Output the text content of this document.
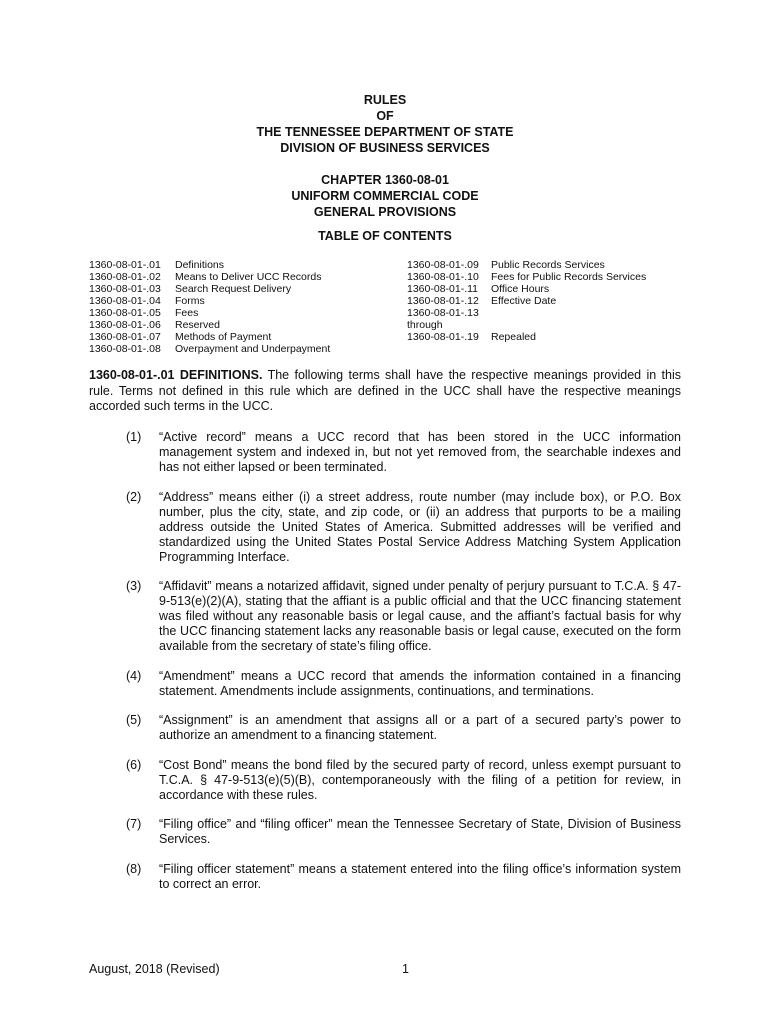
RULES
OF
THE TENNESSEE DEPARTMENT OF STATE
DIVISION OF BUSINESS SERVICES
CHAPTER 1360-08-01
UNIFORM COMMERCIAL CODE
GENERAL PROVISIONS
TABLE OF CONTENTS
1360-08-01-.01 Definitions
1360-08-01-.02 Means to Deliver UCC Records
1360-08-01-.03 Search Request Delivery
1360-08-01-.04 Forms
1360-08-01-.05 Fees
1360-08-01-.06 Reserved
1360-08-01-.07 Methods of Payment
1360-08-01-.08 Overpayment and Underpayment
1360-08-01-.09 Public Records Services
1360-08-01-.10 Fees for Public Records Services
1360-08-01-.11 Office Hours
1360-08-01-.12 Effective Date
1360-08-01-.13
through
1360-08-01-.19 Repealed
1360-08-01-.01 DEFINITIONS. The following terms shall have the respective meanings provided in this rule. Terms not defined in this rule which are defined in the UCC shall have the respective meanings accorded such terms in the UCC.
(1)	“Active record” means a UCC record that has been stored in the UCC information management system and indexed in, but not yet removed from, the searchable indexes and has not either lapsed or been terminated.
(2)	“Address” means either (i) a street address, route number (may include box), or P.O. Box number, plus the city, state, and zip code, or (ii) an address that purports to be a mailing address outside the United States of America. Submitted addresses will be verified and standardized using the United States Postal Service Address Matching System Application Programming Interface.
(3)	“Affidavit” means a notarized affidavit, signed under penalty of perjury pursuant to T.C.A. § 47-9-513(e)(2)(A), stating that the affiant is a public official and that the UCC financing statement was filed without any reasonable basis or legal cause, and the affiant’s factual basis for why the UCC financing statement lacks any reasonable basis or legal cause, executed on the form available from the secretary of state’s filing office.
(4)	“Amendment” means a UCC record that amends the information contained in a financing statement. Amendments include assignments, continuations, and terminations.
(5)	“Assignment” is an amendment that assigns all or a part of a secured party’s power to authorize an amendment to a financing statement.
(6)	“Cost Bond” means the bond filed by the secured party of record, unless exempt pursuant to T.C.A. § 47-9-513(e)(5)(B), contemporaneously with the filing of a petition for review, in accordance with these rules.
(7)	“Filing office” and “filing officer” mean the Tennessee Secretary of State, Division of Business Services.
(8)	“Filing officer statement” means a statement entered into the filing office’s information system to correct an error.
August, 2018 (Revised)	1
